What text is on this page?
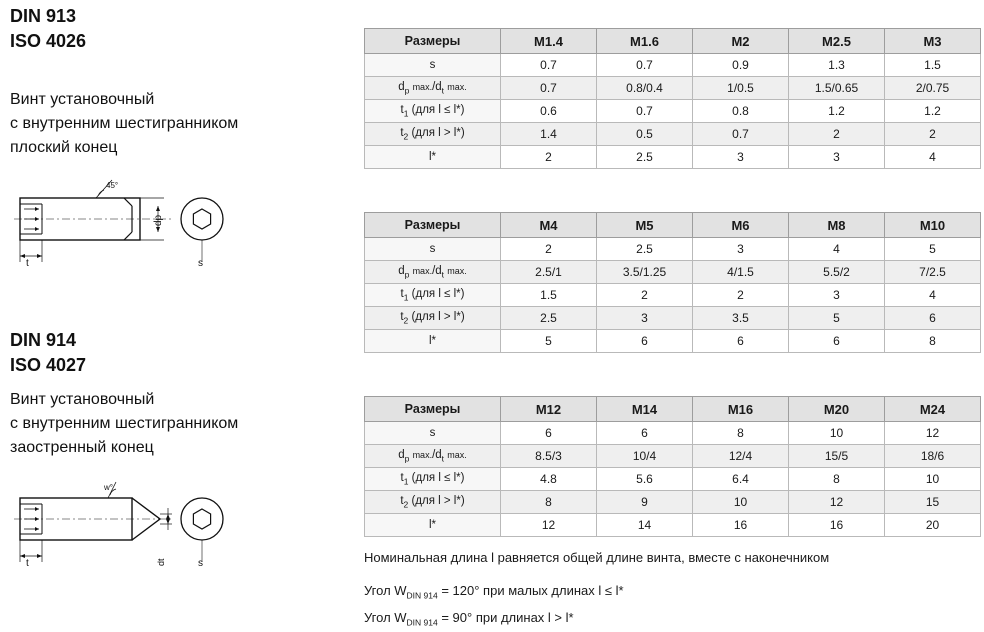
DIN 913
ISO 4026
Винт установочный
с внутренним шестигранником
плоский конец
45°
t
dp
s
DIN 914
ISO 4027
Винт установочный
с внутренним шестигранником
заостренный конец
w°
t	dt	s
Размеры	M1.4	M1.6	M2	M2.5	M3
s	0.7	0.7	0.9	1.3	1.5
$d_p$ $\max./d_t$ max.	0.7	0.8/0.4	1/0.5	1.5/0.65	2/0.75
$t_1$ (для l ≤ l*)	0.6	0.7	0.8	1.2	1.2
$t_2$ (для l > l*)	1.4	0.5	0.7	2	2
l*	2	2.5	3	3	4
Размеры	M4	M5	M6	M8	M10
s	2	2.5	3	4	5
$d_p$ $\max./d_t$ max.	2.5/1	3.5/1.25	4/1.5	5.5/2	7/2.5
$t_1$ (для l ≤ l*)	1.5	2	2	3	4
$t_2$ (для l > l*)	2.5	3	3.5	5	6
l*	5	6	6	6	8
Размеры	M12	M14	M16	M20	M24
s	6	6	8	10	12
$d_p$ $\max./d_t$ max.	8.5/3	10/4	12/4	15/5	18/6
$t_1$ (для l ≤ l*)	4.8	5.6	6.4	8	10
$t_2$ (для l > l*)	8	9	10	12	15
l*	12	14	16	16	20
Номинальная длина l равняется общей длине винта, вместе с наконечником
Угол $W_{DIN 914} = 120^\circ$ при малых длинах l ≤ l*
Угол $W_{DIN 914} = 90^\circ$ при длинах l > l*
